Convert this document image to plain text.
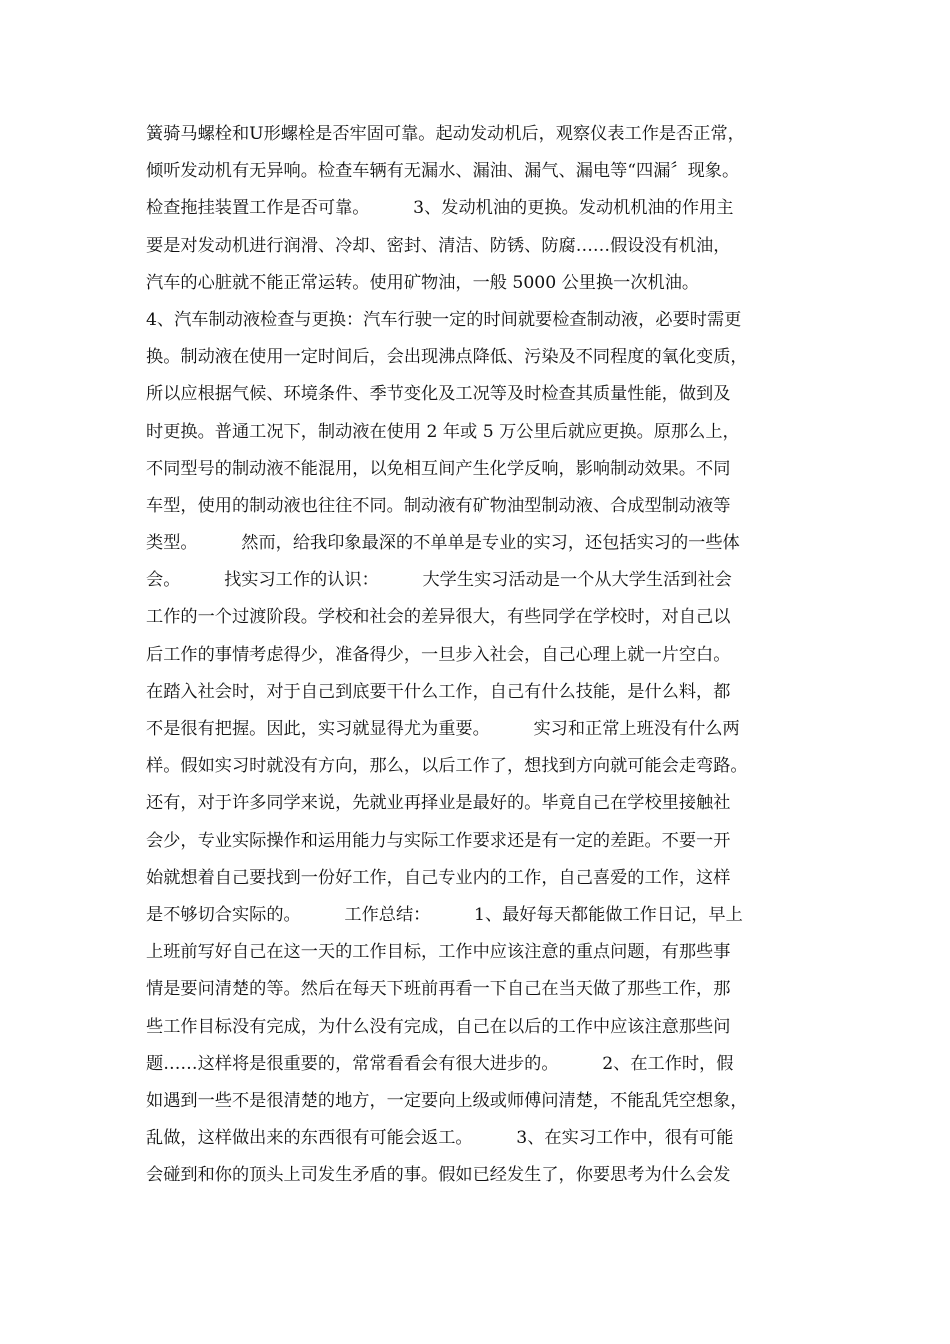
簧骑马螺栓和U形螺栓是否牢固可靠。起动发动机后，观察仪表工作是否正常，
倾听发动机有无异响。检查车辆有无漏水、漏油、漏气、漏电等“四漏〞现象。
检查拖挂装置工作是否可靠。        3、发动机油的更换。发动机机油的作用主
要是对发动机进行润滑、冷却、密封、清洁、防锈、防腐……假设没有机油，
汽车的心脏就不能正常运转。使用矿物油，一般 5000 公里换一次机油。
4、汽车制动液检查与更换：汽车行驶一定的时间就要检查制动液，必要时需更
换。制动液在使用一定时间后，会出现沸点降低、污染及不同程度的氧化变质，
所以应根据气候、环境条件、季节变化及工况等及时检查其质量性能，做到及
时更换。普通工况下，制动液在使用 2 年或 5 万公里后就应更换。原那么上，
不同型号的制动液不能混用，以免相互间产生化学反响，影响制动效果。不同
车型，使用的制动液也往往不同。制动液有矿物油型制动液、合成型制动液等
类型。        然而，给我印象最深的不单单是专业的实习，还包括实习的一些体
会。        找实习工作的认识：        大学生实习活动是一个从大学生活到社会
工作的一个过渡阶段。学校和社会的差异很大，有些同学在学校时，对自己以
后工作的事情考虑得少，准备得少，一旦步入社会，自己心理上就一片空白。
在踏入社会时，对于自己到底要干什么工作，自己有什么技能，是什么料，都
不是很有把握。因此，实习就显得尤为重要。        实习和正常上班没有什么两
样。假如实习时就没有方向，那么，以后工作了，想找到方向就可能会走弯路。
还有，对于许多同学来说，先就业再择业是最好的。毕竟自己在学校里接触社
会少，专业实际操作和运用能力与实际工作要求还是有一定的差距。不要一开
始就想着自己要找到一份好工作，自己专业内的工作，自己喜爱的工作，这样
是不够切合实际的。        工作总结：        1、最好每天都能做工作日记，早上
上班前写好自己在这一天的工作目标，工作中应该注意的重点问题，有那些事
情是要问清楚的等。然后在每天下班前再看一下自己在当天做了那些工作，那
些工作目标没有完成，为什么没有完成，自己在以后的工作中应该注意那些问
题……这样将是很重要的，常常看看会有很大进步的。        2、在工作时，假
如遇到一些不是很清楚的地方，一定要向上级或师傅问清楚，不能乱凭空想象，
乱做，这样做出来的东西很有可能会返工。        3、在实习工作中，很有可能
会碰到和你的顶头上司发生矛盾的事。假如已经发生了，你要思考为什么会发
